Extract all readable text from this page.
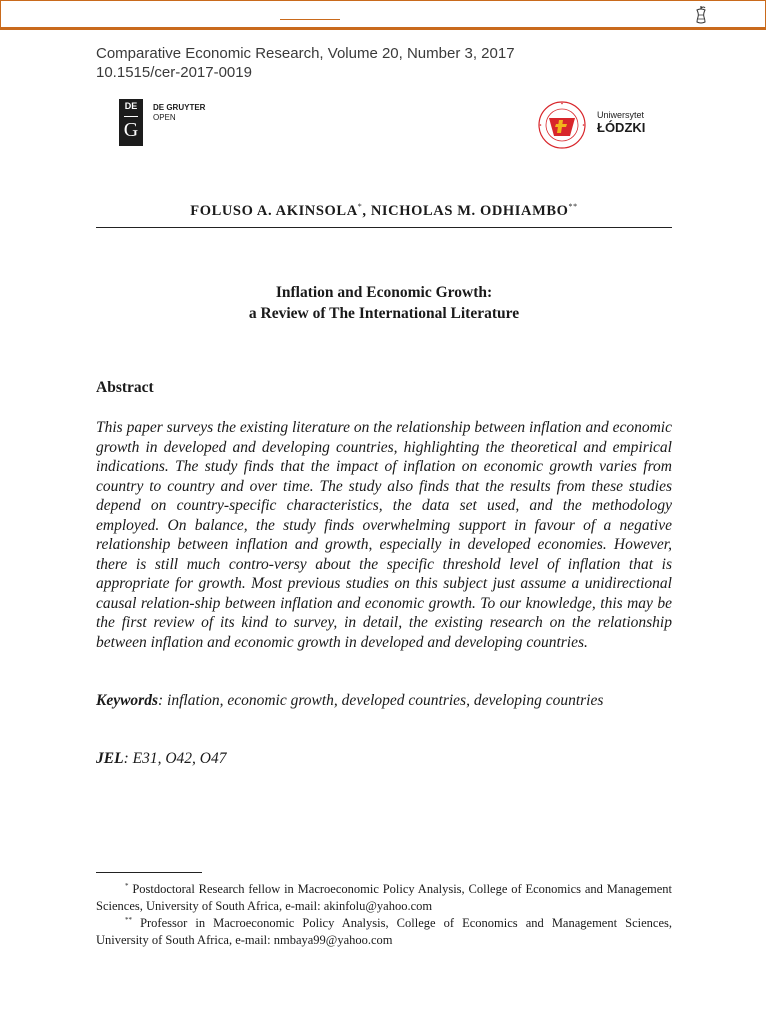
Comparative Economic Research, Volume 20, Number 3, 2017
10.1515/cer-2017-0019
DE
G
DE GRUYTER
OPEN	Uniwersytet
ŁÓDZKI
FOLUSO A. AKINSOLA*, NICHOLAS M. ODHIAMBO**
Inflation and Economic Growth:
a Review of The International Literature
Abstract
This paper surveys the existing literature on the relationship between inflation and economic growth in developed and developing countries, highlighting the theoretical and empirical indications. The study finds that the impact of inflation on economic growth varies from country to country and over time. The study also finds that the results from these studies depend on country-specific characteristics, the data set used, and the methodology employed. On balance, the study finds overwhelming support in favour of a negative relationship between inflation and growth, especially in developed economies. However, there is still much contro-versy about the specific threshold level of inflation that is appropriate for growth. Most previous studies on this subject just assume a unidirectional causal relation-ship between inflation and economic growth. To our knowledge, this may be the first review of its kind to survey, in detail, the existing research on the relationship between inflation and economic growth in developed and developing countries.
Keywords: inflation, economic growth, developed countries, developing countries
JEL: E31, O42, O47
* Postdoctoral Research fellow in Macroeconomic Policy Analysis, College of Economics and Management Sciences, University of South Africa, e-mail: akinfolu@yahoo.com
** Professor in Macroeconomic Policy Analysis, College of Economics and Management Sciences, University of South Africa, e-mail: nmbaya99@yahoo.com
